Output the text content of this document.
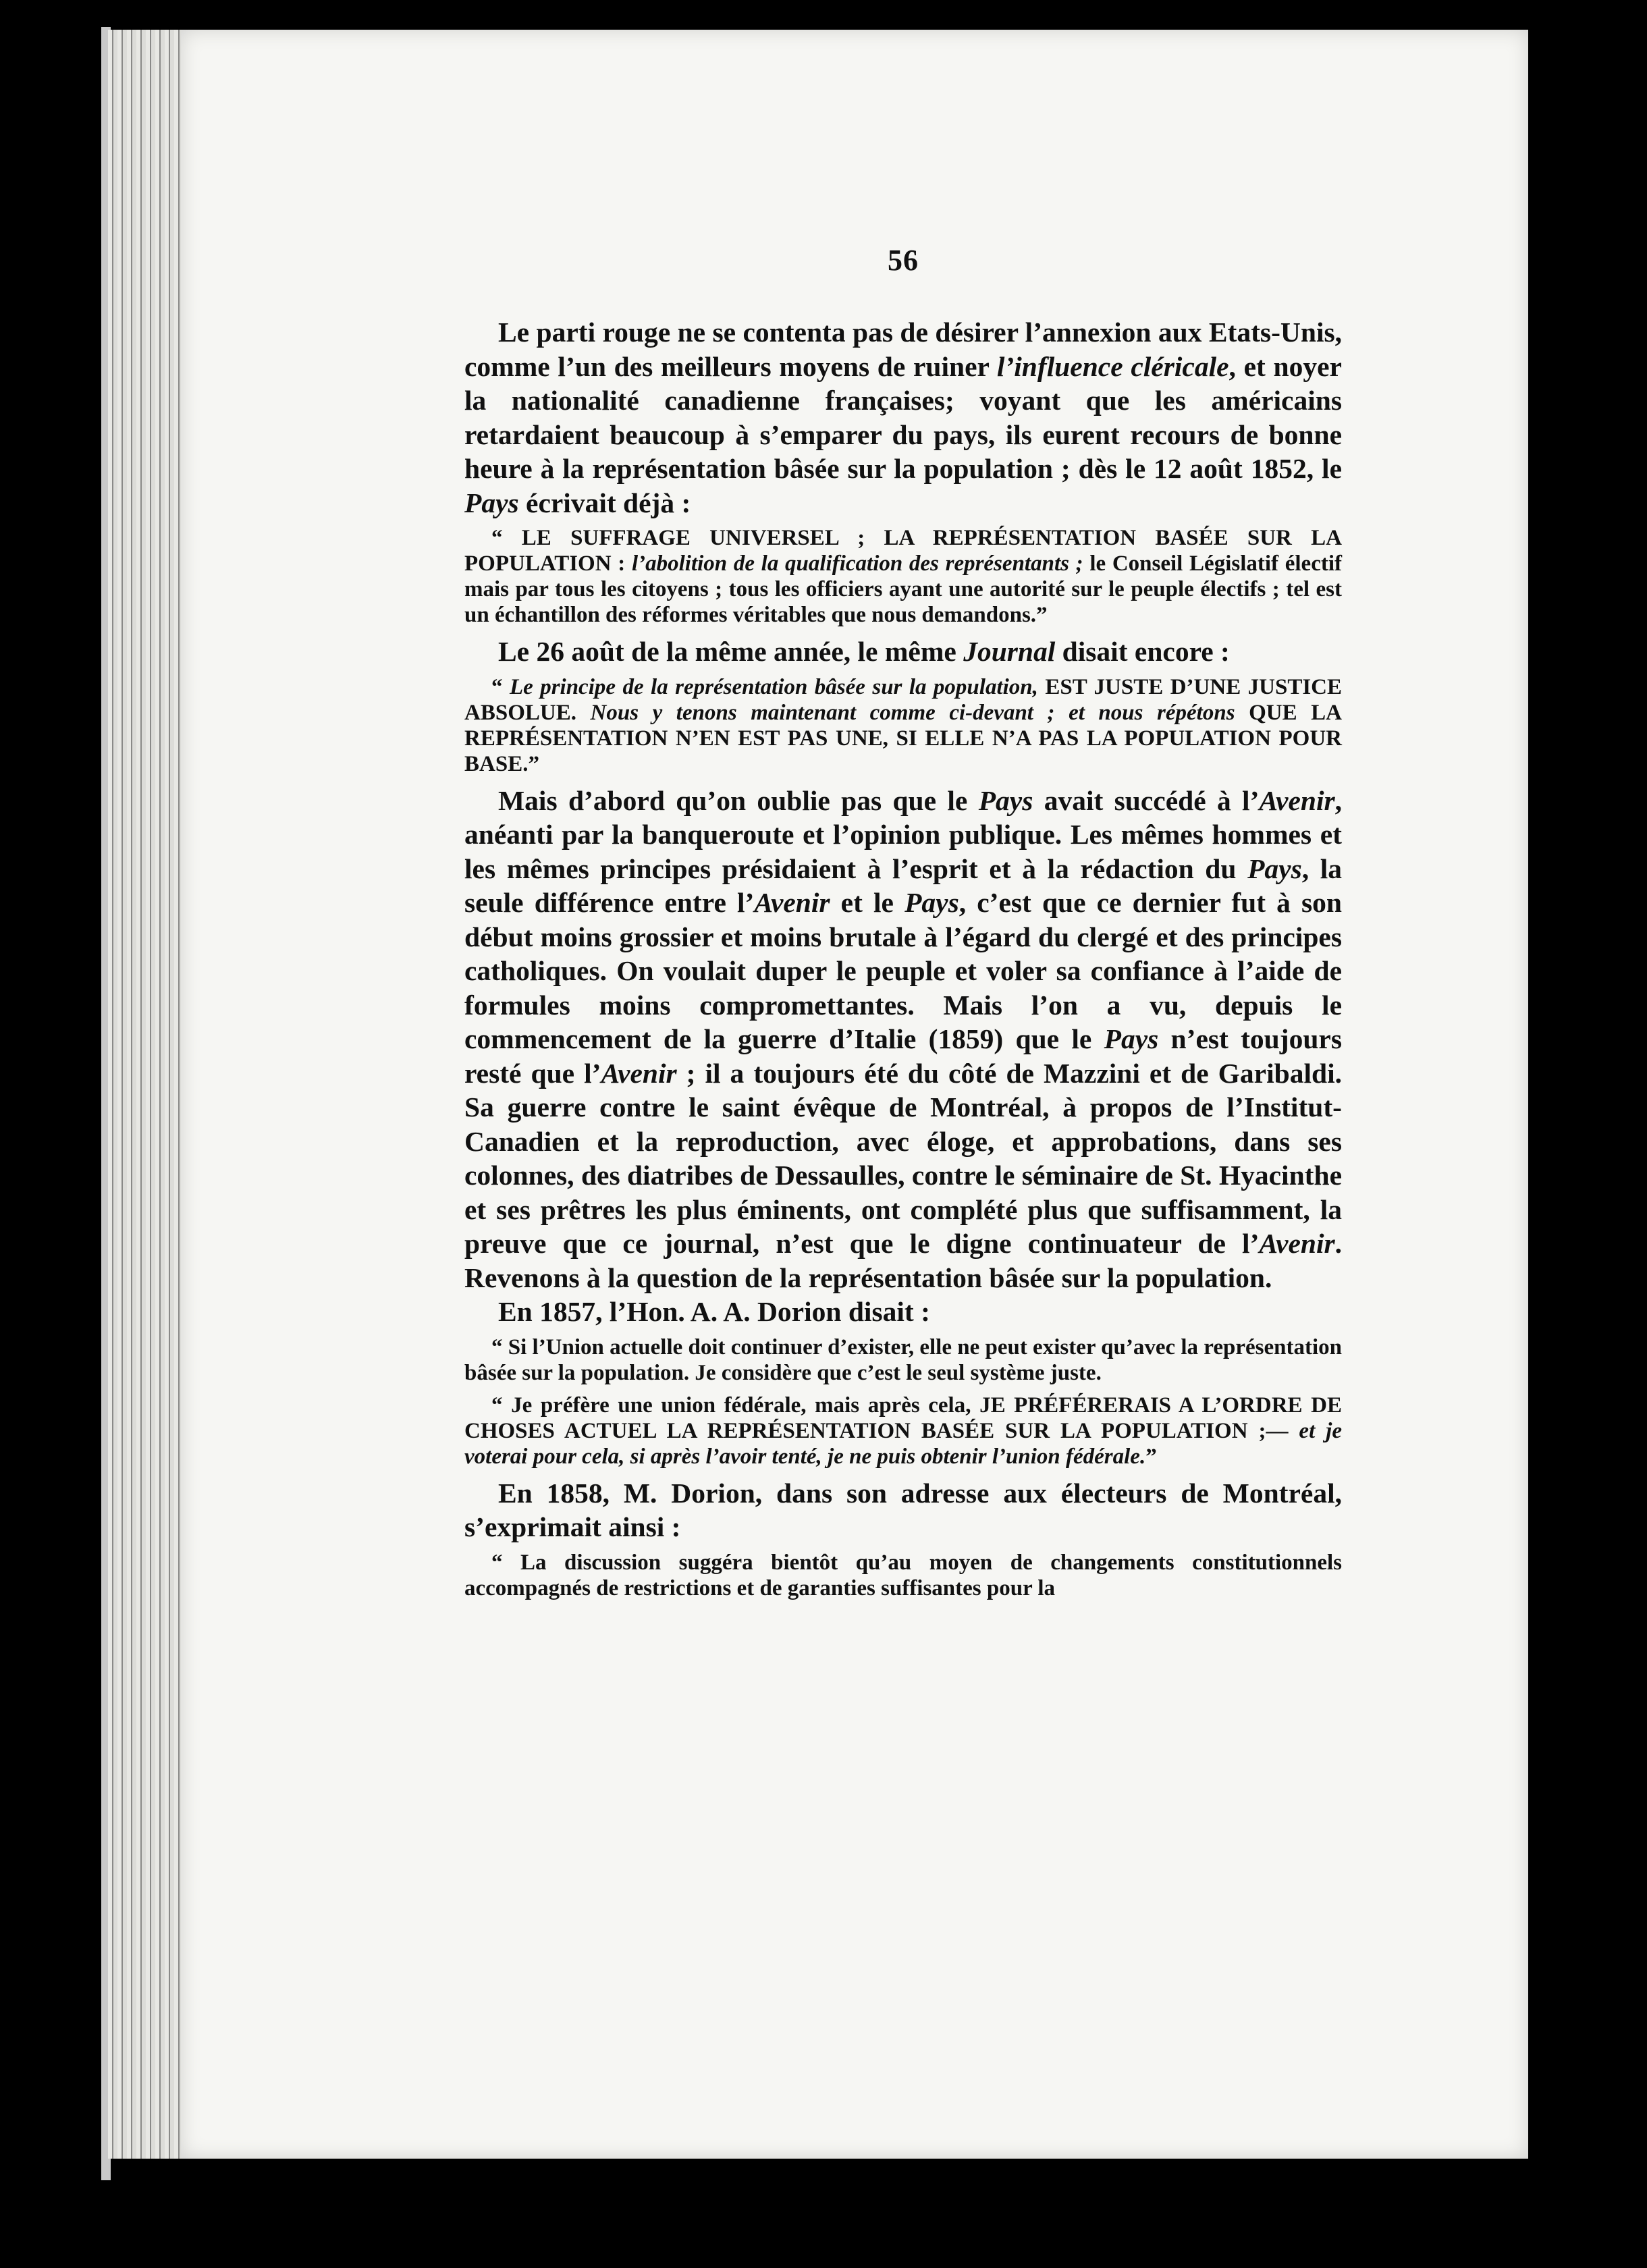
56

Le parti rouge ne se contenta pas de désirer l’annexion aux Etats-Unis, comme l’un des meilleurs moyens de ruiner l’influence cléricale, et noyer la nationalité canadienne françaises; voyant que les américains retardaient beaucoup à s’emparer du pays, ils eurent recours de bonne heure à la représentation bâsée sur la population ; dès le 12 août 1852, le Pays écrivait déjà :

“ LE SUFFRAGE UNIVERSEL ; LA REPRÉSENTATION BASÉE SUR LA POPULATION : l’abolition de la qualification des représentants ; le Conseil Législatif électif mais par tous les citoyens ; tous les officiers ayant une autorité sur le peuple électifs ; tel est un échantillon des réformes véritables que nous demandons.”

Le 26 août de la même année, le même Journal disait encore :

“ Le principe de la représentation bâsée sur la population, EST JUSTE D’UNE JUSTICE ABSOLUE. Nous y tenons maintenant comme ci-devant ; et nous répétons QUE LA REPRÉSENTATION N’EN EST PAS UNE, SI ELLE N’A PAS LA POPULATION POUR BASE.”

Mais d’abord qu’on oublie pas que le Pays avait succédé à l’Avenir, anéanti par la banqueroute et l’opinion publique. Les mêmes hommes et les mêmes principes présidaient à l’esprit et à la rédaction du Pays, la seule différence entre l’Avenir et le Pays, c’est que ce dernier fut à son début moins grossier et moins brutale à l’égard du clergé et des principes catholiques. On voulait duper le peuple et voler sa confiance à l’aide de formules moins compromettantes. Mais l’on a vu, depuis le commencement de la guerre d’Italie (1859) que le Pays n’est toujours resté que l’Avenir ; il a toujours été du côté de Mazzini et de Garibaldi. Sa guerre contre le saint évêque de Montréal, à propos de l’Institut-Canadien et la reproduction, avec éloge, et approbations, dans ses colonnes, des diatribes de Dessaulles, contre le séminaire de St. Hyacinthe et ses prêtres les plus éminents, ont complété plus que suffisamment, la preuve que ce journal, n’est que le digne continuateur de l’Avenir. Revenons à la question de la représentation bâsée sur la population.

En 1857, l’Hon. A. A. Dorion disait :

“ Si l’Union actuelle doit continuer d’exister, elle ne peut exister qu’avec la représentation bâsée sur la population. Je considère que c’est le seul système juste.

“ Je préfère une union fédérale, mais après cela, JE PRÉFÉRERAIS A L’ORDRE DE CHOSES ACTUEL LA REPRÉSENTATION BASÉE SUR LA POPULATION ;— et je voterai pour cela, si après l’avoir tenté, je ne puis obtenir l’union fédérale.”

En 1858, M. Dorion, dans son adresse aux électeurs de Montréal, s’exprimait ainsi :

“ La discussion suggéra bientôt qu’au moyen de changements constitutionnels accompagnés de restrictions et de garanties suffisantes pour la
